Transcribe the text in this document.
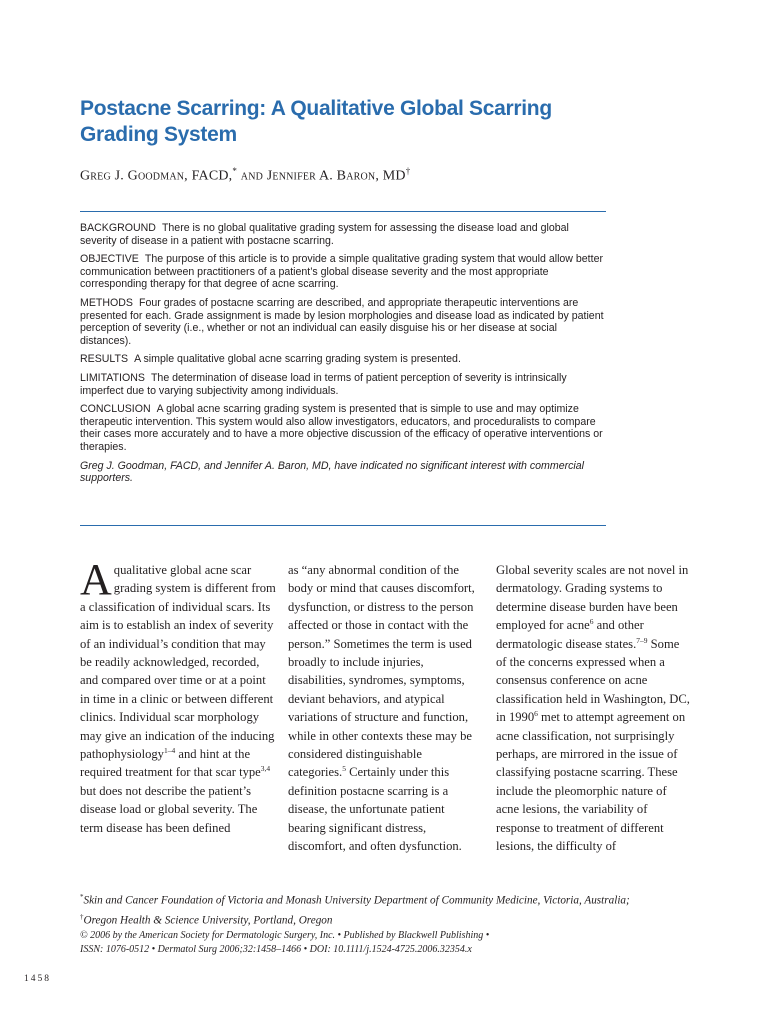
Postacne Scarring: A Qualitative Global Scarring Grading System
Greg J. Goodman, FACD,* and Jennifer A. Baron, MD†

BACKGROUND There is no global qualitative grading system for assessing the disease load and global severity of disease in a patient with postacne scarring.

OBJECTIVE The purpose of this article is to provide a simple qualitative grading system that would allow better communication between practitioners of a patient’s global disease severity and the most appropriate corresponding therapy for that degree of acne scarring.

METHODS Four grades of postacne scarring are described, and appropriate therapeutic interventions are presented for each. Grade assignment is made by lesion morphologies and disease load as indicated by patient perception of severity (i.e., whether or not an individual can easily disguise his or her disease at social distances).

RESULTS A simple qualitative global acne scarring grading system is presented.

LIMITATIONS The determination of disease load in terms of patient perception of severity is intrinsically imperfect due to varying subjectivity among individuals.

CONCLUSION A global acne scarring grading system is presented that is simple to use and may optimize therapeutic intervention. This system would also allow investigators, educators, and proceduralists to compare their cases more accurately and to have a more objective discussion of the efficacy of operative interventions or therapies.

Greg J. Goodman, FACD, and Jennifer A. Baron, MD, have indicated no significant interest with commercial supporters.

A qualitative global acne scar grading system is different from a classification of individual scars. Its aim is to establish an index of severity of an individual’s condition that may be readily acknowledged, recorded, and compared over time or at a point in time in a clinic or between different clinics. Individual scar morphology may give an indication of the inducing pathophysiology$^{1-4}$ and hint at the required treatment for that scar type$^{3,4}$ but does not describe the patient’s disease load or global severity. The term disease has been defined

as “any abnormal condition of the body or mind that causes discomfort, dysfunction, or distress to the person affected or those in contact with the person.” Sometimes the term is used broadly to include injuries, disabilities, syndromes, symptoms, deviant behaviors, and atypical variations of structure and function, while in other contexts these may be considered distinguishable categories.$^5$ Certainly under this definition postacne scarring is a disease, the unfortunate patient bearing significant distress, discomfort, and often dysfunction.

Global severity scales are not novel in dermatology. Grading systems to determine disease burden have been employed for acne$^6$ and other dermatologic disease states.$^{7-9}$ Some of the concerns expressed when a consensus conference on acne classification held in Washington, DC, in 1990$^6$ met to attempt agreement on acne classification, not surprisingly perhaps, are mirrored in the issue of classifying postacne scarring. These include the pleomorphic nature of acne lesions, the variability of response to treatment of different lesions, the difficulty of

*Skin and Cancer Foundation of Victoria and Monash University Department of Community Medicine, Victoria, Australia; †Oregon Health & Science University, Portland, Oregon
© 2006 by the American Society for Dermatologic Surgery, Inc. • Published by Blackwell Publishing •
ISSN: 1076-0512 • Dermatol Surg 2006;32:1458–1466 • DOI: 10.1111/j.1524-4725.2006.32354.x
1458
